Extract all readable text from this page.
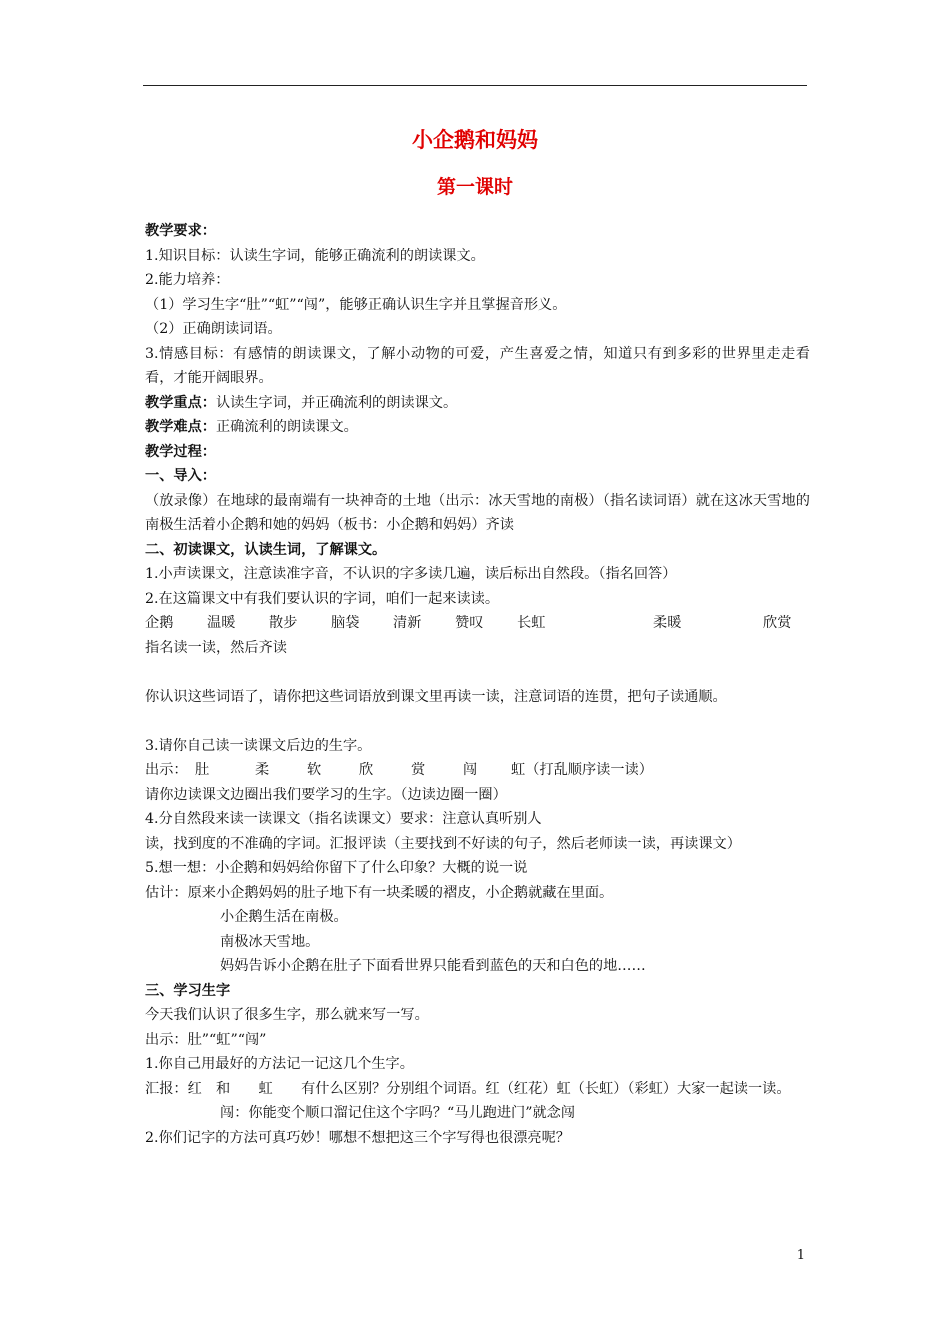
小企鹅和妈妈
第一课时

教学要求：

1.知识目标：认读生字词，能够正确流利的朗读课文。

2.能力培养：

（1）学习生字“肚”“虹”“闯”，能够正确认识生字并且掌握音形义。

（2）正确朗读词语。

3.情感目标：有感情的朗读课文，了解小动物的可爱，产生喜爱之情，知道只有到多彩的世界里走走看看，才能开阔眼界。

教学重点：认读生字词，并正确流利的朗读课文。

教学难点：正确流利的朗读课文。

教学过程：

一、导入：

（放录像）在地球的最南端有一块神奇的土地（出示：冰天雪地的南极）（指名读词语）就在这冰天雪地的南极生活着小企鹅和她的妈妈（板书：小企鹅和妈妈）齐读

二、初读课文，认读生词，了解课文。

1.小声读课文，注意读准字音，不认识的字多读几遍，读后标出自然段。（指名回答）

2.在这篇课文中有我们要认识的字词，咱们一起来读读。

企鹅 温暖 散步 脑袋 清新 赞叹 长虹	柔暖	欣赏

指名读一读，然后齐读

你认识这些词语了，请你把这些词语放到课文里再读一读，注意词语的连贯，把句子读通顺。

3.请你自己读一读课文后边的生字。

出示： 肚	柔	软	欣	赏	闯 虹（打乱顺序读一读）

请你边读课文边圈出我们要学习的生字。（边读边圈一圈）

4.分自然段来读一读课文（指名读课文）要求：注意认真听别人

读，找到度的不准确的字词。汇报评读（主要找到不好读的句子，然后老师读一读，再读课文）

5.想一想：小企鹅和妈妈给你留下了什么印象？大概的说一说

估计：原来小企鹅妈妈的肚子地下有一块柔暖的褶皮，小企鹅就藏在里面。

小企鹅生活在南极。

南极冰天雪地。

妈妈告诉小企鹅在肚子下面看世界只能看到蓝色的天和白色的地……

三、学习生字

今天我们认识了很多生字，那么就来写一写。

出示：肚”“虹”“闯”

1.你自己用最好的方法记一记这几个生字。

汇报：红　和　　虹　　有什么区别？分别组个词语。红（红花）虹（长虹）（彩虹）大家一起读一读。

闯：你能变个顺口溜记住这个字吗？“马儿跑进门”就念闯

2.你们记字的方法可真巧妙！哪想不想把这三个字写得也很漂亮呢？

1
